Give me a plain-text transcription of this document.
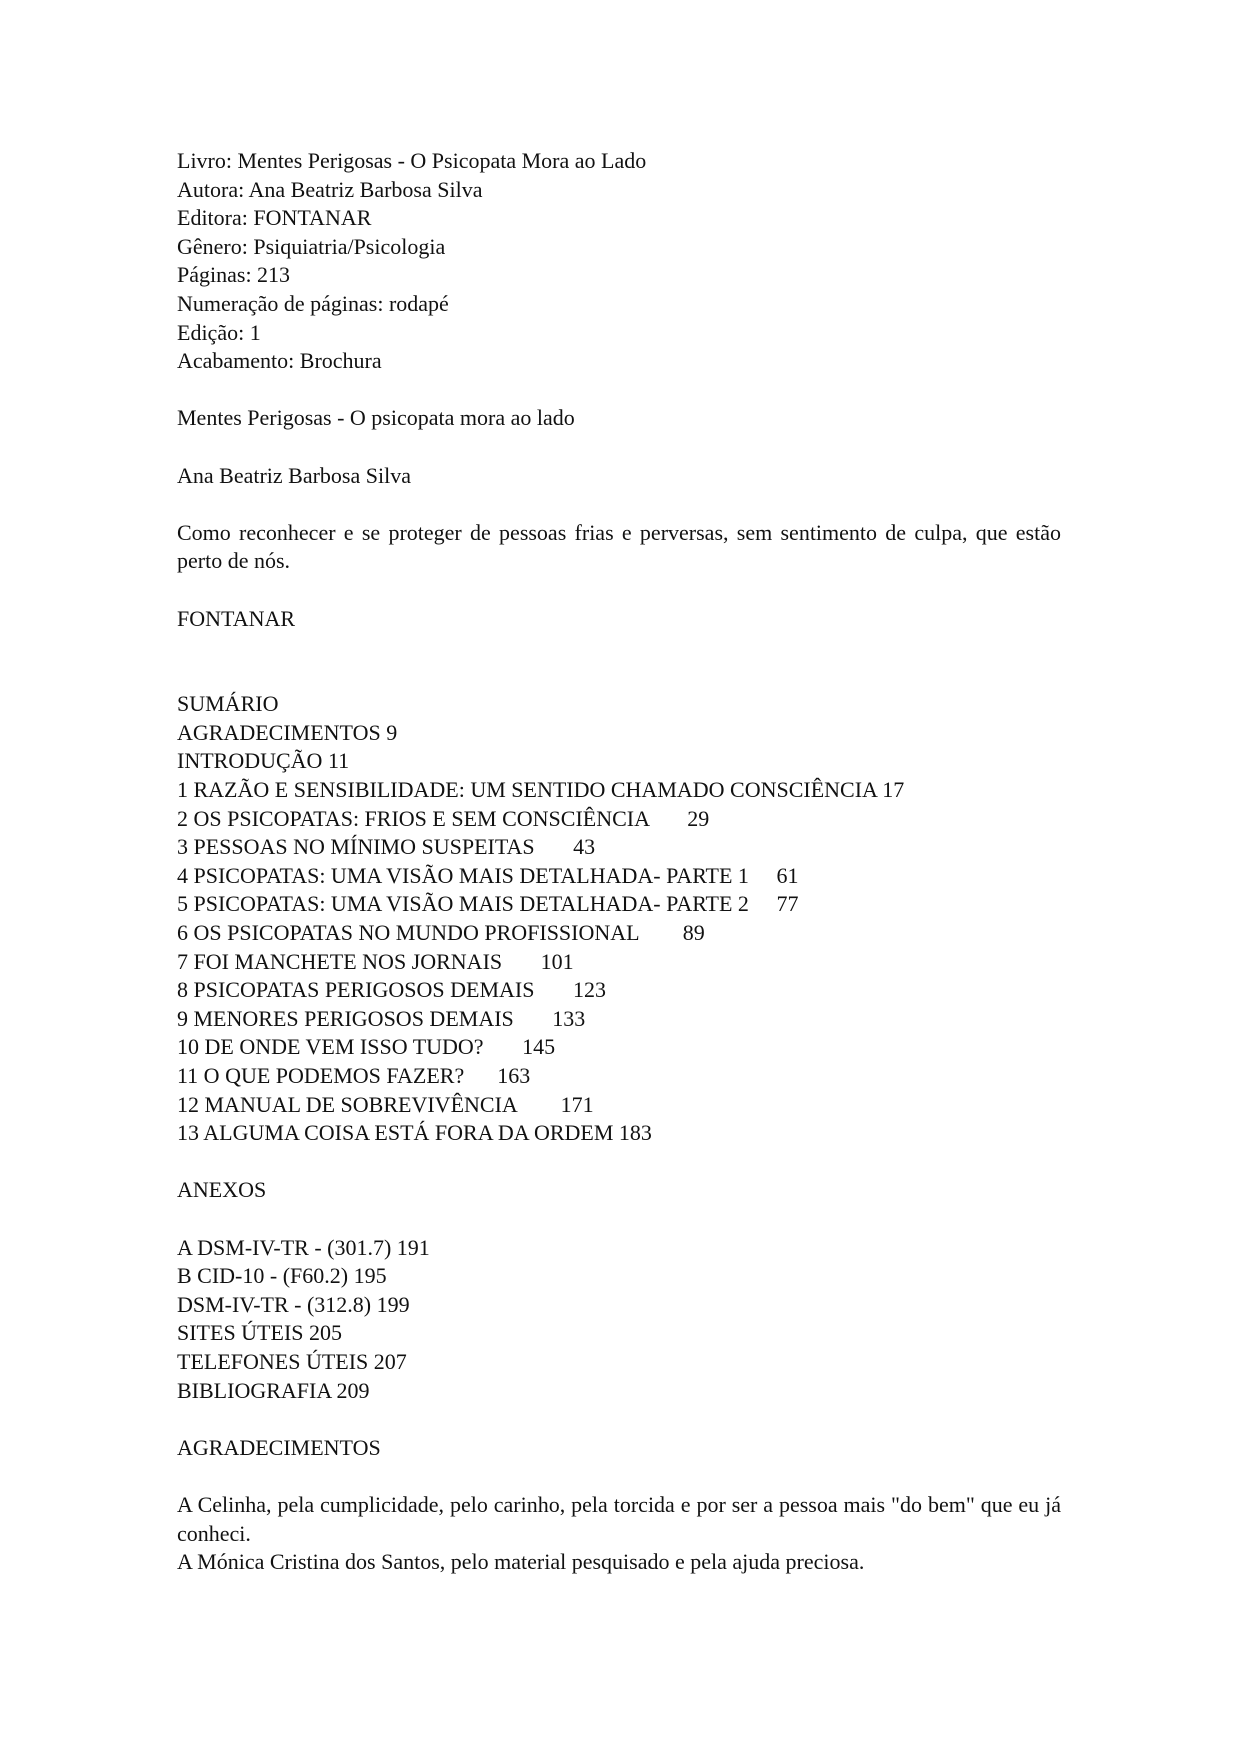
Livro: Mentes Perigosas - O Psicopata Mora ao Lado
Autora: Ana Beatriz Barbosa Silva
Editora: FONTANAR
Gênero: Psiquiatria/Psicologia
Páginas: 213
Numeração de páginas: rodapé
Edição: 1
Acabamento: Brochura
Mentes Perigosas - O psicopata mora ao lado
Ana Beatriz Barbosa Silva
Como reconhecer e se proteger de pessoas frias e perversas, sem sentimento de culpa, que estão perto de nós.
FONTANAR
SUMÁRIO
AGRADECIMENTOS 9
INTRODUÇÃO 11
1 RAZÃO E SENSIBILIDADE: UM SENTIDO CHAMADO CONSCIÊNCIA 17
2 OS PSICOPATAS: FRIOS E SEM CONSCIÊNCIA 29
3 PESSOAS NO MÍNIMO SUSPEITAS 43
4 PSICOPATAS: UMA VISÃO MAIS DETALHADA- PARTE 1 61
5 PSICOPATAS: UMA VISÃO MAIS DETALHADA- PARTE 2 77
6 OS PSICOPATAS NO MUNDO PROFISSIONAL 89
7 FOI MANCHETE NOS JORNAIS 101
8 PSICOPATAS PERIGOSOS DEMAIS 123
9 MENORES PERIGOSOS DEMAIS 133
10 DE ONDE VEM ISSO TUDO? 145
11 O QUE PODEMOS FAZER? 163
12 MANUAL DE SOBREVIVÊNCIA 171
13 ALGUMA COISA ESTÁ FORA DA ORDEM 183
ANEXOS
A DSM-IV-TR - (301.7) 191
B CID-10 - (F60.2) 195
DSM-IV-TR - (312.8) 199
SITES ÚTEIS 205
TELEFONES ÚTEIS 207
BIBLIOGRAFIA 209
AGRADECIMENTOS
A Celinha, pela cumplicidade, pelo carinho, pela torcida e por ser a pessoa mais "do bem" que eu já conheci.
A Mónica Cristina dos Santos, pelo material pesquisado e pela ajuda preciosa.
